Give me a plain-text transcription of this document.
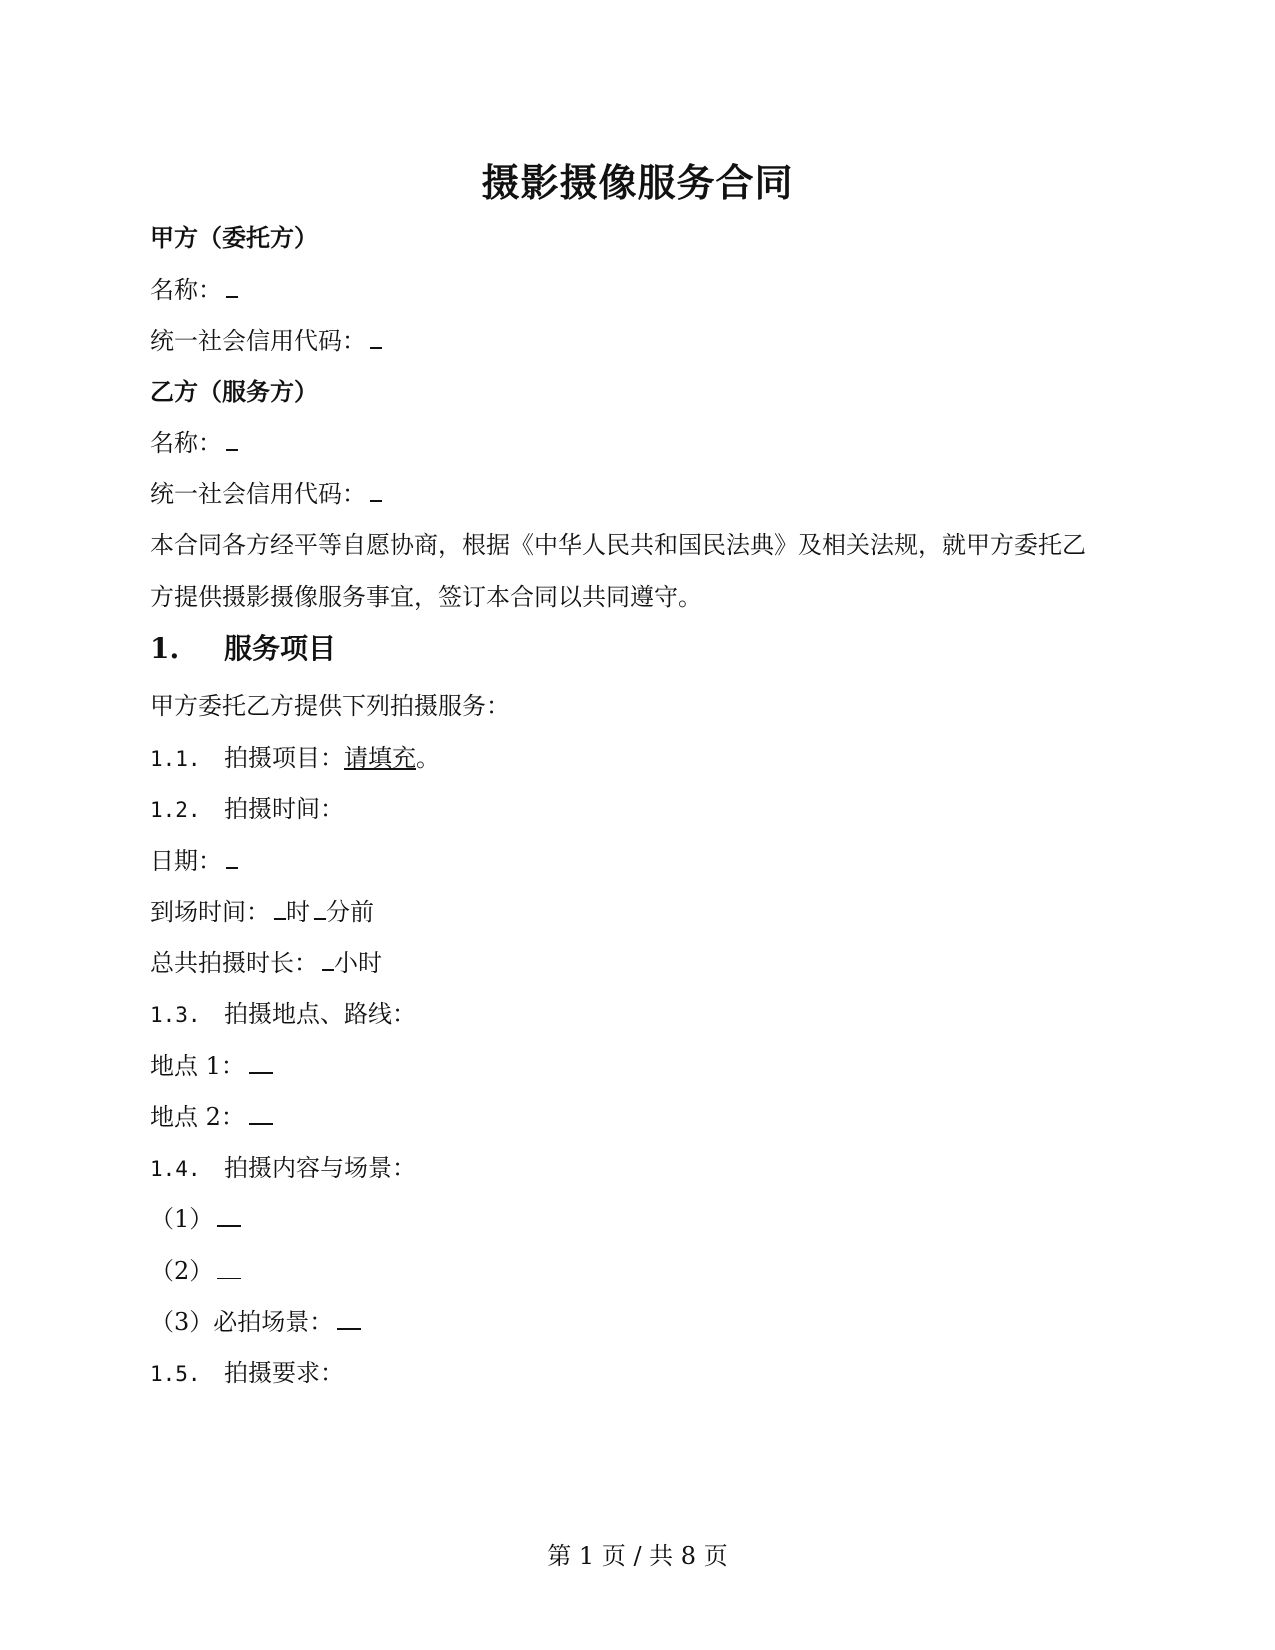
摄影摄像服务合同
甲方（委托方）
名称：
统一社会信用代码：
乙方（服务方）
名称：
统一社会信用代码：
本合同各方经平等自愿协商，根据《中华人民共和国民法典》及相关法规，就甲方委托乙
方提供摄影摄像服务事宜，签订本合同以共同遵守。
1. 服务项目
甲方委托乙方提供下列拍摄服务：
1.1. 拍摄项目：请填充。
1.2. 拍摄时间：
日期：
到场时间： 时 分前
总共拍摄时长： 小时
1.3. 拍摄地点、路线：
地点 1：
地点 2：
1.4. 拍摄内容与场景：
（1）
（2）
（3）必拍场景：
1.5. 拍摄要求：
第 1 页 / 共 8 页
